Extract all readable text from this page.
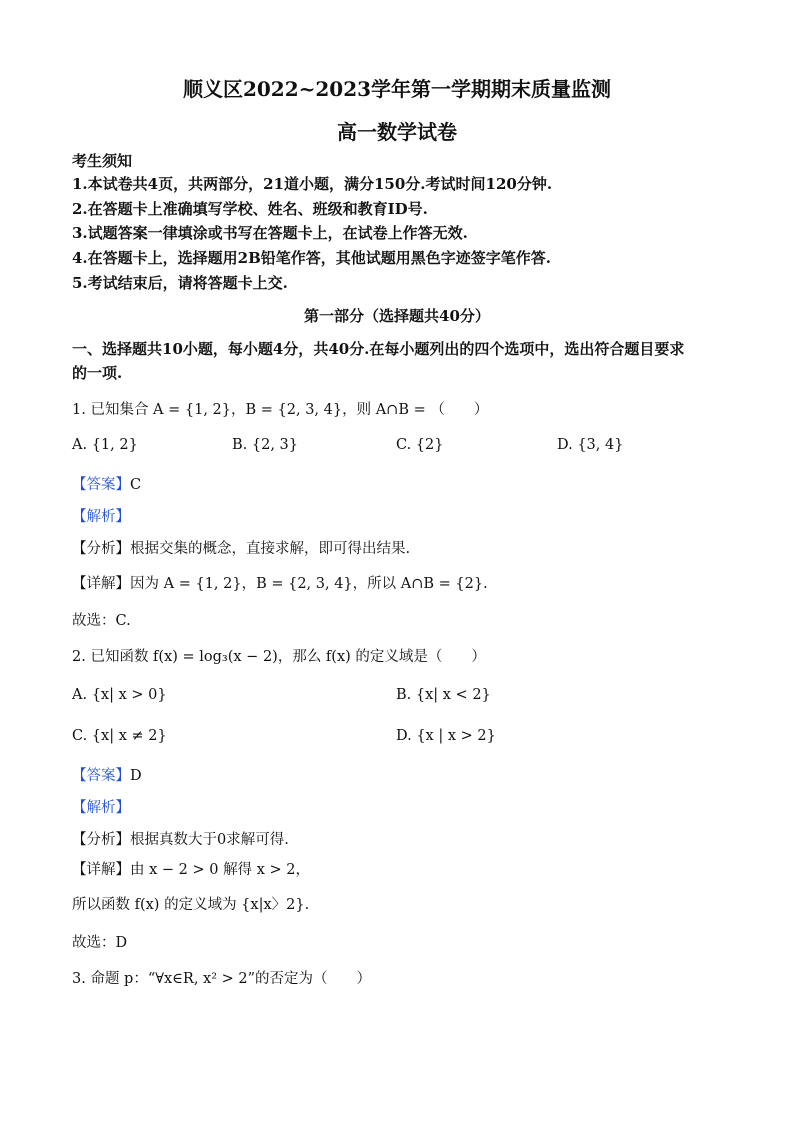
顺义区2022~2023学年第一学期期末质量监测
高一数学试卷
考生须知
1.本试卷共4页，共两部分，21道小题，满分150分.考试时间120分钟.
2.在答题卡上准确填写学校、姓名、班级和教育ID号.
3.试题答案一律填涂或书写在答题卡上，在试卷上作答无效.
4.在答题卡上，选择题用2B铅笔作答，其他试题用黑色字迹签字笔作答.
5.考试结束后，请将答题卡上交.
第一部分（选择题共40分）
一、选择题共10小题，每小题4分，共40分.在每小题列出的四个选项中，选出符合题目要求
的一项.
1. 已知集合 A = {1, 2}，B = {2, 3, 4}，则 A∩B = （　　）
A. {1, 2}	B. {2, 3}	C. {2}	D. {3, 4}
【答案】C
【解析】
【分析】根据交集的概念，直接求解，即可得出结果.
【详解】因为 A = {1, 2}，B = {2, 3, 4}，所以 A∩B = {2}.
故选：C.
2. 已知函数 f(x) = log₃(x − 2)，那么 f(x) 的定义域是（　　）
A. {x| x > 0}	B. {x| x < 2}
C. {x| x ≠ 2}	D. {x | x > 2}
【答案】D
【解析】
【分析】根据真数大于0求解可得.
【详解】由 x − 2 > 0 解得 x > 2，
所以函数 f(x) 的定义域为 {x|x〉2}.
故选：D
3. 命题 p：“∀x∈R, x² > 2”的否定为（　　）
